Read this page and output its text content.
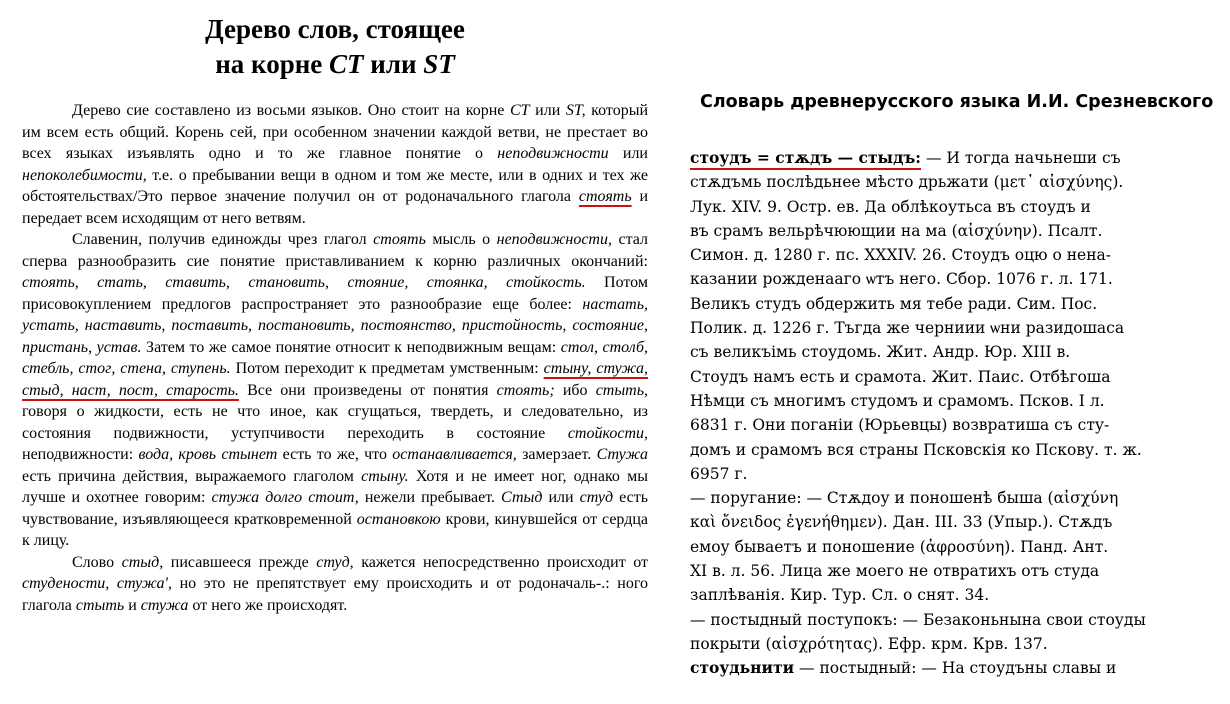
Дерево слов, стоящее
на корне CT или ST

Дерево сие составлено из восьми языков. Оно стоит на корне CT или ST, который им всем есть общий. Корень сей, при особенном значении каждой ветви, не престает во всех языках изъявлять одно и то же главное понятие о неподвижности или непоколебимости, т.е. о пребывании вещи в одном и том же месте, или в одних и тех же обстоятельствах/Это первое значение получил он от родоначального глагола стоять и передает всем исходящим от него ветвям.

Славенин, получив единожды чрез глагол стоять мысль о неподвижности, стал сперва разнообразить сие понятие приставливанием к корню различных окончаний: стоять, стать, ставить, становить, стояние, стоянка, стойкость. Потом присовокуплением предлогов распространяет это разнообразие еще более: настать, устать, наставить, поставить, постановить, постоянство, пристойность, состояние, пристань, устав. Затем то же самое понятие относит к неподвижным вещам: стол, столб, стебль, стог, стена, ступень. Потом переходит к предметам умственным: стыну, стужа, стыд, наст, пост, старость. Все они произведены от понятия стоять; ибо стыть, говоря о жидкости, есть не что иное, как сгущаться, твердеть, и следовательно, из состояния подвижности, уступчивости переходить в состояние стойкости, неподвижности: вода, кровь стынет есть то же, что останавливается, замерзает. Стужа есть причина действия, выражаемого глаголом стыну. Хотя и не имеет ног, однако мы лучше и охотнее говорим: стужа долго стоит, нежели пребывает. Стыд или студ есть чувствование, изъявляющееся кратковременной остановкою крови, кинувшейся от сердца к лицу.

Слово стыд, писавшееся прежде студ, кажется непосредственно происходит от студености, стужа', но это не препятствует ему происходить и от родоначаль-.: ного глагола стыть и стужа от него же происходят.

Словарь древнерусского языка И.И. Срезневского
стоудъ = стѫдъ — стыдъ: — И тогда начьнеши съ
стѫдъмь послѣдьнее мѣсто дрьжати (μετ᾿ αἰσχύνης).
Лук. XIV. 9. Остр. ев. Да облѣкоутьса въ стоудъ и
въ срамъ вельрѣчюющии на ма (αἰσχύνην). Псалт.
Симон. д. 1280 г. пс. XXXIV. 26. Стоудъ оцю о нена-
казании рожденааго ѡтъ него. Сбор. 1076 г. л. 171.
Великъ студъ обдержить мя тебе ради. Сим. Пос.
Полик. д. 1226 г. Тъгда же черниии ѡни разидошаса
съ великъімь стоудомь. Жит. Андр. Юр. XIII в.
Стоудъ намъ есть и срамота. Жит. Паис. Отбѣгоша
Нѣмци съ многимъ студомъ и срамомъ. Псков. I л.
6831 г. Они поганіи (Юрьевцы) возвратиша съ сту-
домъ и срамомъ вся страны Псковскія ко Пскову. т. ж.
6957 г.
— поругание: — Стѫдоу и поношенѣ быша (αἰσχύνη
καὶ ὄνειδος ἐγενήθημεν). Дан. III. 33 (Упыр.). Стѫдъ
емоу бываетъ и поношение (ἀφροσύνη). Панд. Ант.
XI в. л. 56. Лица же моего не отвратихъ отъ студа
заплѣванія. Кир. Тур. Сл. о снят. 34.
— постыдный поступокъ: — Безаконьнына свои стоуды
покрыти (αἰσχρότητας). Ефр. крм. Крв. 137.
стоудьнити — постыдный: — На стоудъны славы и
